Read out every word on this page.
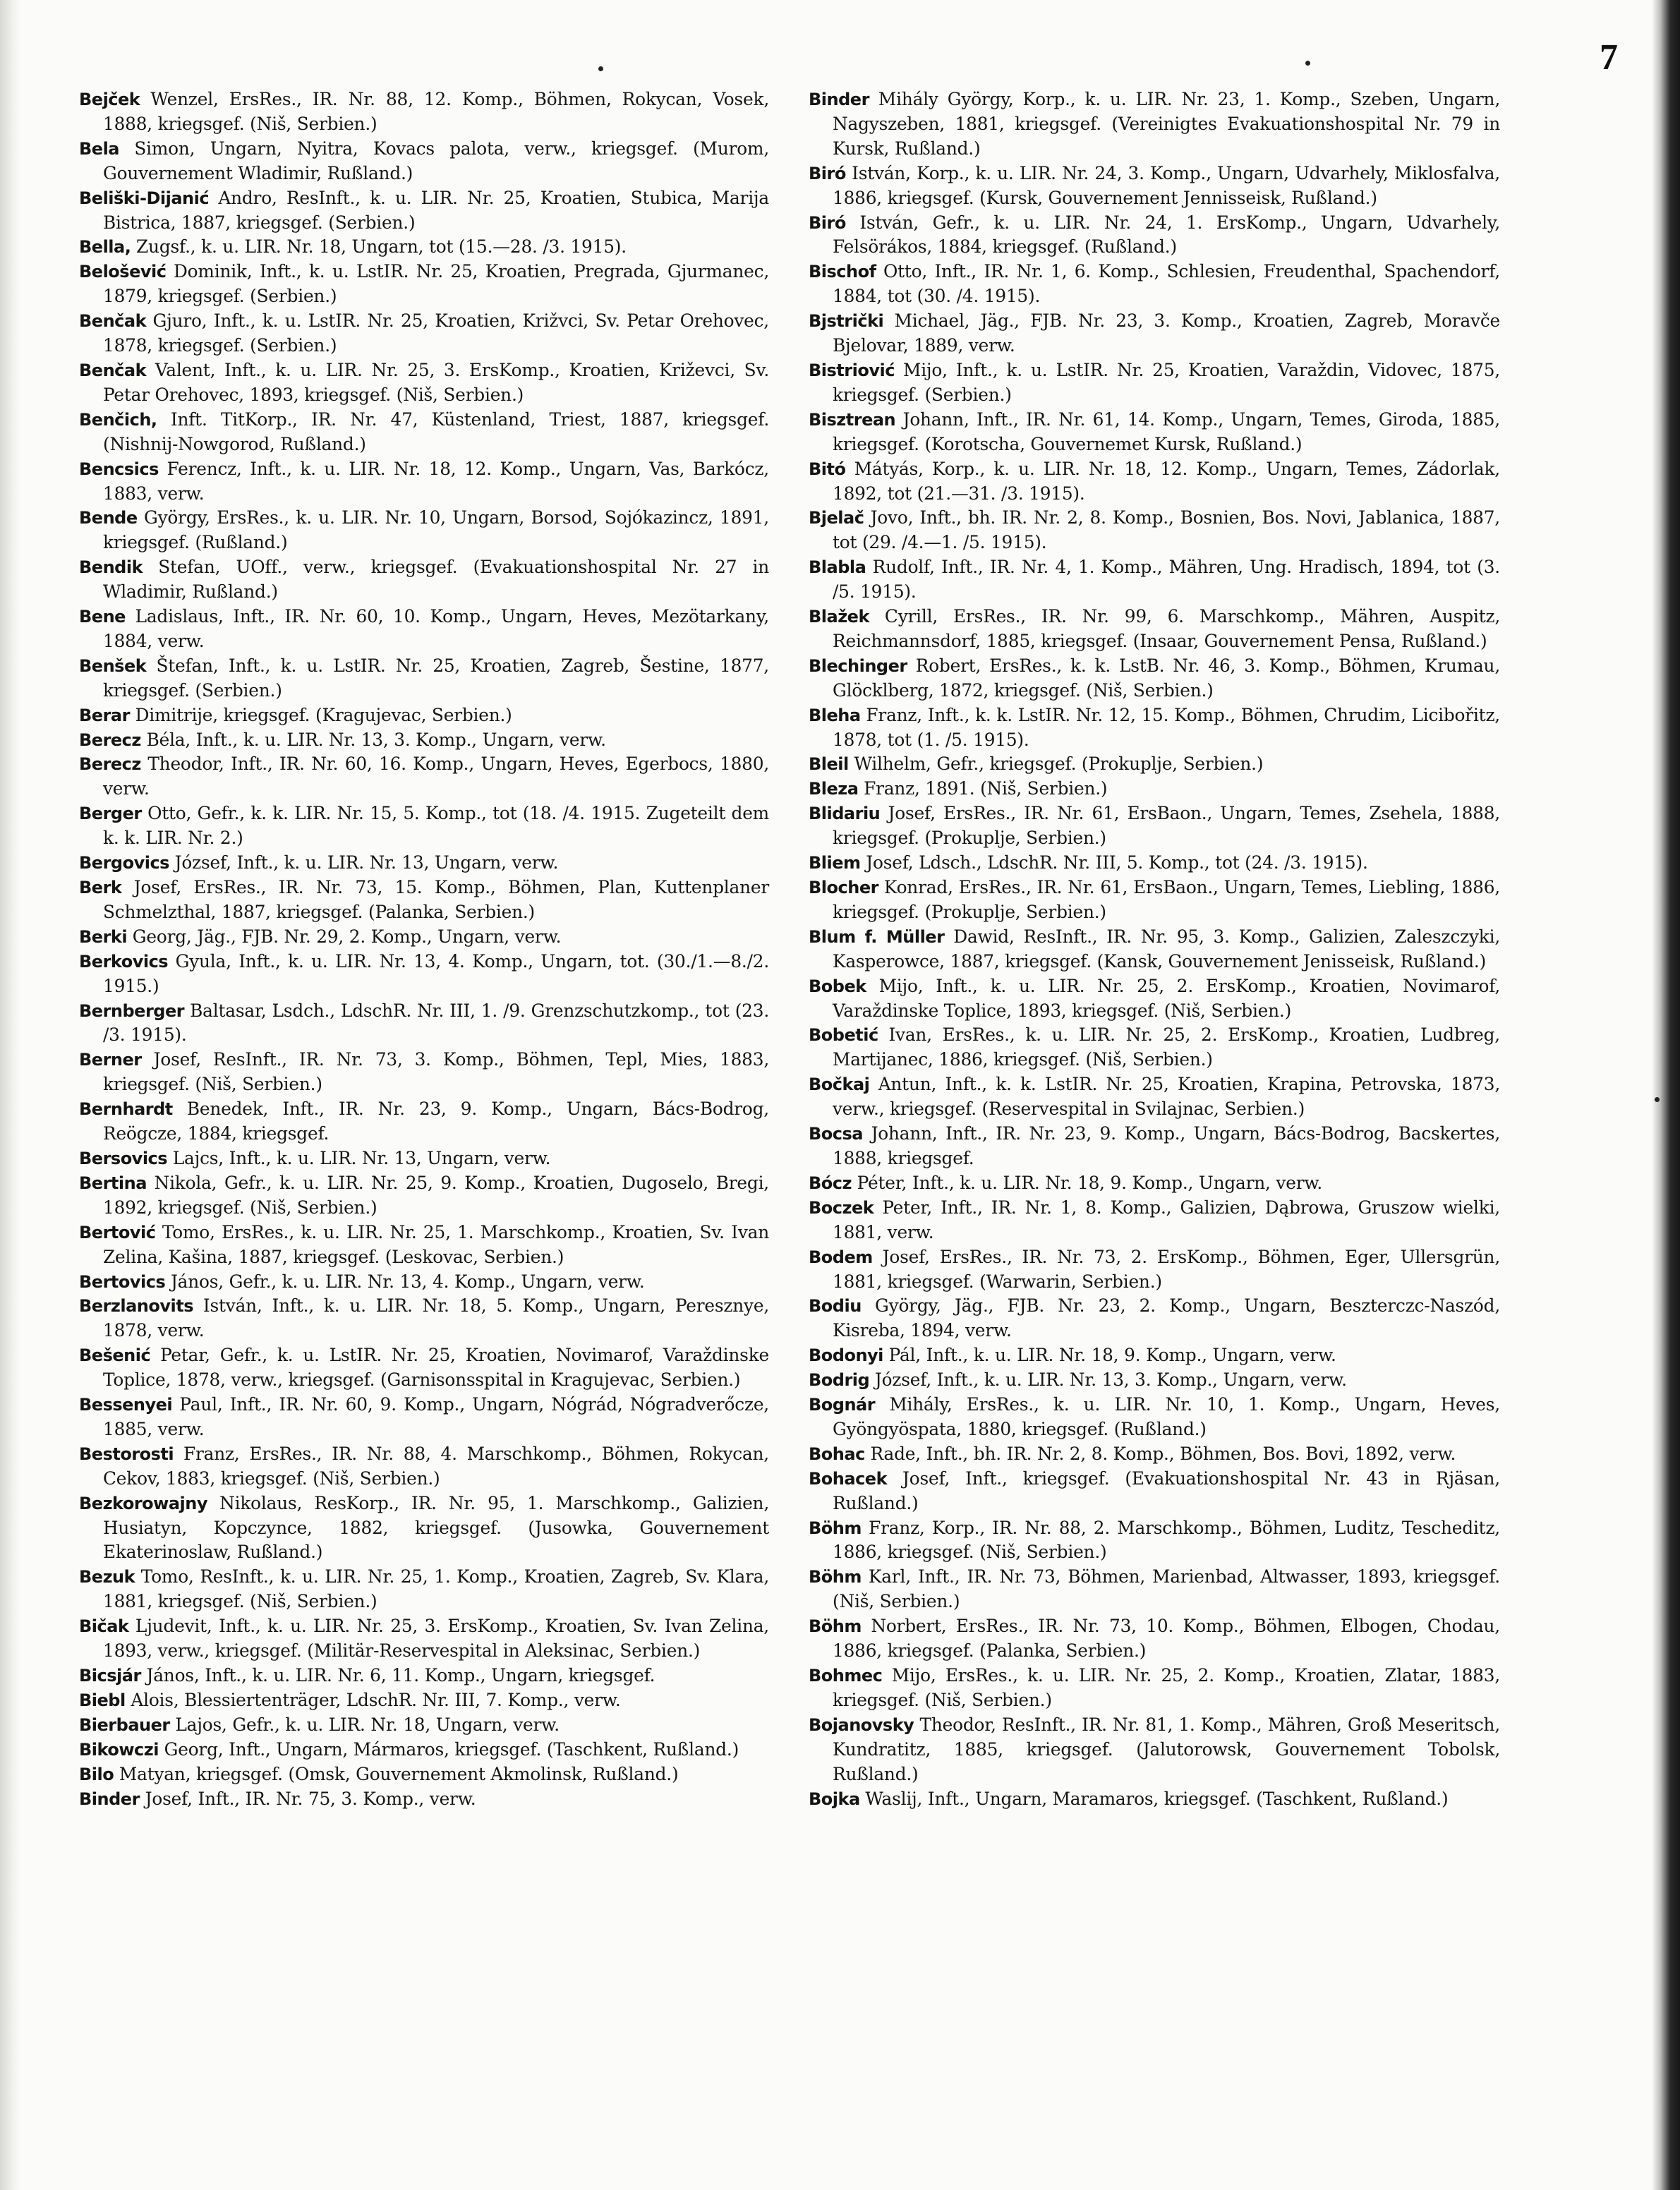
7

Bejček Wenzel, ErsRes., IR. Nr. 88, 12. Komp., Böhmen, Rokycan, Vosek, 1888, kriegsgef. (Niš, Serbien.)

Bela Simon, Ungarn, Nyitra, Kovacs palota, verw., kriegsgef. (Murom, Gouvernement Wladimir, Rußland.)

Beliški-Dijanić Andro, ResInft., k. u. LIR. Nr. 25, Kroatien, Stubica, Marija Bistrica, 1887, kriegsgef. (Serbien.)

Bella, Zugsf., k. u. LIR. Nr. 18, Ungarn, tot (15.—28. /3. 1915).

Belošević Dominik, Inft., k. u. LstIR. Nr. 25, Kroatien, Pregrada, Gjurmanec, 1879, kriegsgef. (Serbien.)

Benčak Gjuro, Inft., k. u. LstIR. Nr. 25, Kroatien, Križvci, Sv. Petar Orehovec, 1878, kriegsgef. (Serbien.)

Benčak Valent, Inft., k. u. LIR. Nr. 25, 3. ErsKomp., Kroatien, Križevci, Sv. Petar Orehovec, 1893, kriegsgef. (Niš, Serbien.)

Benčich, Inft. TitKorp., IR. Nr. 47, Küstenland, Triest, 1887, kriegsgef. (Nishnij-Nowgorod, Rußland.)

Bencsics Ferencz, Inft., k. u. LIR. Nr. 18, 12. Komp., Ungarn, Vas, Barkócz, 1883, verw.

Bende György, ErsRes., k. u. LIR. Nr. 10, Ungarn, Borsod, Sojókazincz, 1891, kriegsgef. (Rußland.)

Bendik Stefan, UOff., verw., kriegsgef. (Evakuationshospital Nr. 27 in Wladimir, Rußland.)

Bene Ladislaus, Inft., IR. Nr. 60, 10. Komp., Ungarn, Heves, Mezötarkany, 1884, verw.

Benšek Štefan, Inft., k. u. LstIR. Nr. 25, Kroatien, Zagreb, Šestine, 1877, kriegsgef. (Serbien.)

Berar Dimitrije, kriegsgef. (Kragujevac, Serbien.)

Berecz Béla, Inft., k. u. LIR. Nr. 13, 3. Komp., Ungarn, verw.

Berecz Theodor, Inft., IR. Nr. 60, 16. Komp., Ungarn, Heves, Egerbocs, 1880, verw.

Berger Otto, Gefr., k. k. LIR. Nr. 15, 5. Komp., tot (18. /4. 1915. Zugeteilt dem k. k. LIR. Nr. 2.)

Bergovics József, Inft., k. u. LIR. Nr. 13, Ungarn, verw.

Berk Josef, ErsRes., IR. Nr. 73, 15. Komp., Böhmen, Plan, Kuttenplaner Schmelzthal, 1887, kriegsgef. (Palanka, Serbien.)

Berki Georg, Jäg., FJB. Nr. 29, 2. Komp., Ungarn, verw.

Berkovics Gyula, Inft., k. u. LIR. Nr. 13, 4. Komp., Ungarn, tot. (30./1.—8./2. 1915.)

Bernberger Baltasar, Lsdch., LdschR. Nr. III, 1. /9. Grenzschutzkomp., tot (23. /3. 1915).

Berner Josef, ResInft., IR. Nr. 73, 3. Komp., Böhmen, Tepl, Mies, 1883, kriegsgef. (Niš, Serbien.)

Bernhardt Benedek, Inft., IR. Nr. 23, 9. Komp., Ungarn, Bács-Bodrog, Reögcze, 1884, kriegsgef.

Bersovics Lajcs, Inft., k. u. LIR. Nr. 13, Ungarn, verw.

Bertina Nikola, Gefr., k. u. LIR. Nr. 25, 9. Komp., Kroatien, Dugoselo, Bregi, 1892, kriegsgef. (Niš, Serbien.)

Bertović Tomo, ErsRes., k. u. LIR. Nr. 25, 1. Marschkomp., Kroatien, Sv. Ivan Zelina, Kašina, 1887, kriegsgef. (Leskovac, Serbien.)

Bertovics János, Gefr., k. u. LIR. Nr. 13, 4. Komp., Ungarn, verw.

Berzlanovits István, Inft., k. u. LIR. Nr. 18, 5. Komp., Ungarn, Peresznye, 1878, verw.

Bešenić Petar, Gefr., k. u. LstIR. Nr. 25, Kroatien, Novimarof, Varaždinske Toplice, 1878, verw., kriegsgef. (Garnisonsspital in Kragujevac, Serbien.)

Bessenyei Paul, Inft., IR. Nr. 60, 9. Komp., Ungarn, Nógrád, Nógradverőcze, 1885, verw.

Bestorosti Franz, ErsRes., IR. Nr. 88, 4. Marschkomp., Böhmen, Rokycan, Cekov, 1883, kriegsgef. (Niš, Serbien.)

Bezkorowajny Nikolaus, ResKorp., IR. Nr. 95, 1. Marschkomp., Galizien, Husiatyn, Kopczynce, 1882, kriegsgef. (Jusowka, Gouvernement Ekaterinoslaw, Rußland.)

Bezuk Tomo, ResInft., k. u. LIR. Nr. 25, 1. Komp., Kroatien, Zagreb, Sv. Klara, 1881, kriegsgef. (Niš, Serbien.)

Bičak Ljudevit, Inft., k. u. LIR. Nr. 25, 3. ErsKomp., Kroatien, Sv. Ivan Zelina, 1893, verw., kriegsgef. (Militär-Reservespital in Aleksinac, Serbien.)

Bicsjár János, Inft., k. u. LIR. Nr. 6, 11. Komp., Ungarn, kriegsgef.

Biebl Alois, Blessiertenträger, LdschR. Nr. III, 7. Komp., verw.

Bierbauer Lajos, Gefr., k. u. LIR. Nr. 18, Ungarn, verw.

Bikowczi Georg, Inft., Ungarn, Mármaros, kriegsgef. (Taschkent, Rußland.)

Bilo Matyan, kriegsgef. (Omsk, Gouvernement Akmolinsk, Rußland.)

Binder Josef, Inft., IR. Nr. 75, 3. Komp., verw.

Binder Mihály György, Korp., k. u. LIR. Nr. 23, 1. Komp., Szeben, Ungarn, Nagyszeben, 1881, kriegsgef. (Vereinigtes Evakuationshospital Nr. 79 in Kursk, Rußland.)

Biró István, Korp., k. u. LIR. Nr. 24, 3. Komp., Ungarn, Udvarhely, Miklosfalva, 1886, kriegsgef. (Kursk, Gouvernement Jennisseisk, Rußland.)

Biró István, Gefr., k. u. LIR. Nr. 24, 1. ErsKomp., Ungarn, Udvarhely, Felsörákos, 1884, kriegsgef. (Rußland.)

Bischof Otto, Inft., IR. Nr. 1, 6. Komp., Schlesien, Freudenthal, Spachendorf, 1884, tot (30. /4. 1915).

Bjstrički Michael, Jäg., FJB. Nr. 23, 3. Komp., Kroatien, Zagreb, Moravče Bjelovar, 1889, verw.

Bistriović Mijo, Inft., k. u. LstIR. Nr. 25, Kroatien, Varaždin, Vidovec, 1875, kriegsgef. (Serbien.)

Bisztrean Johann, Inft., IR. Nr. 61, 14. Komp., Ungarn, Temes, Giroda, 1885, kriegsgef. (Korotscha, Gouvernemet Kursk, Rußland.)

Bitó Mátyás, Korp., k. u. LIR. Nr. 18, 12. Komp., Ungarn, Temes, Zádorlak, 1892, tot (21.—31. /3. 1915).

Bjelač Jovo, Inft., bh. IR. Nr. 2, 8. Komp., Bosnien, Bos. Novi, Jablanica, 1887, tot (29. /4.—1. /5. 1915).

Blabla Rudolf, Inft., IR. Nr. 4, 1. Komp., Mähren, Ung. Hradisch, 1894, tot (3. /5. 1915).

Blažek Cyrill, ErsRes., IR. Nr. 99, 6. Marschkomp., Mähren, Auspitz, Reichmannsdorf, 1885, kriegsgef. (Insaar, Gouvernement Pensa, Rußland.)

Blechinger Robert, ErsRes., k. k. LstB. Nr. 46, 3. Komp., Böhmen, Krumau, Glöcklberg, 1872, kriegsgef. (Niš, Serbien.)

Bleha Franz, Inft., k. k. LstIR. Nr. 12, 15. Komp., Böhmen, Chrudim, Licibořitz, 1878, tot (1. /5. 1915).

Bleil Wilhelm, Gefr., kriegsgef. (Prokuplje, Serbien.)

Bleza Franz, 1891. (Niš, Serbien.)

Blidariu Josef, ErsRes., IR. Nr. 61, ErsBaon., Ungarn, Temes, Zsehela, 1888, kriegsgef. (Prokuplje, Serbien.)

Bliem Josef, Ldsch., LdschR. Nr. III, 5. Komp., tot (24. /3. 1915).

Blocher Konrad, ErsRes., IR. Nr. 61, ErsBaon., Ungarn, Temes, Liebling, 1886, kriegsgef. (Prokuplje, Serbien.)

Blum f. Müller Dawid, ResInft., IR. Nr. 95, 3. Komp., Galizien, Zaleszczyki, Kasperowce, 1887, kriegsgef. (Kansk, Gouvernement Jenisseisk, Rußland.)

Bobek Mijo, Inft., k. u. LIR. Nr. 25, 2. ErsKomp., Kroatien, Novimarof, Varaždinske Toplice, 1893, kriegsgef. (Niš, Serbien.)

Bobetić Ivan, ErsRes., k. u. LIR. Nr. 25, 2. ErsKomp., Kroatien, Ludbreg, Martijanec, 1886, kriegsgef. (Niš, Serbien.)

Bočkaj Antun, Inft., k. k. LstIR. Nr. 25, Kroatien, Krapina, Petrovska, 1873, verw., kriegsgef. (Reservespital in Svilajnac, Serbien.)

Bocsa Johann, Inft., IR. Nr. 23, 9. Komp., Ungarn, Bács-Bodrog, Bacskertes, 1888, kriegsgef.

Bócz Péter, Inft., k. u. LIR. Nr. 18, 9. Komp., Ungarn, verw.

Boczek Peter, Inft., IR. Nr. 1, 8. Komp., Galizien, Dąbrowa, Gruszow wielki, 1881, verw.

Bodem Josef, ErsRes., IR. Nr. 73, 2. ErsKomp., Böhmen, Eger, Ullersgrün, 1881, kriegsgef. (Warwarin, Serbien.)

Bodiu György, Jäg., FJB. Nr. 23, 2. Komp., Ungarn, Beszterczc-Naszód, Kisreba, 1894, verw.

Bodonyi Pál, Inft., k. u. LIR. Nr. 18, 9. Komp., Ungarn, verw.

Bodrig József, Inft., k. u. LIR. Nr. 13, 3. Komp., Ungarn, verw.

Bognár Mihály, ErsRes., k. u. LIR. Nr. 10, 1. Komp., Ungarn, Heves, Gyöngyöspata, 1880, kriegsgef. (Rußland.)

Bohac Rade, Inft., bh. IR. Nr. 2, 8. Komp., Böhmen, Bos. Bovi, 1892, verw.

Bohacek Josef, Inft., kriegsgef. (Evakuationshospital Nr. 43 in Rjäsan, Rußland.)

Böhm Franz, Korp., IR. Nr. 88, 2. Marschkomp., Böhmen, Luditz, Tescheditz, 1886, kriegsgef. (Niš, Serbien.)

Böhm Karl, Inft., IR. Nr. 73, Böhmen, Marienbad, Altwasser, 1893, kriegsgef. (Niš, Serbien.)

Böhm Norbert, ErsRes., IR. Nr. 73, 10. Komp., Böhmen, Elbogen, Chodau, 1886, kriegsgef. (Palanka, Serbien.)

Bohmec Mijo, ErsRes., k. u. LIR. Nr. 25, 2. Komp., Kroatien, Zlatar, 1883, kriegsgef. (Niš, Serbien.)

Bojanovsky Theodor, ResInft., IR. Nr. 81, 1. Komp., Mähren, Groß Meseritsch, Kundratitz, 1885, kriegsgef. (Jalutorowsk, Gouvernement Tobolsk, Rußland.)

Bojka Waslij, Inft., Ungarn, Maramaros, kriegsgef. (Taschkent, Rußland.)
